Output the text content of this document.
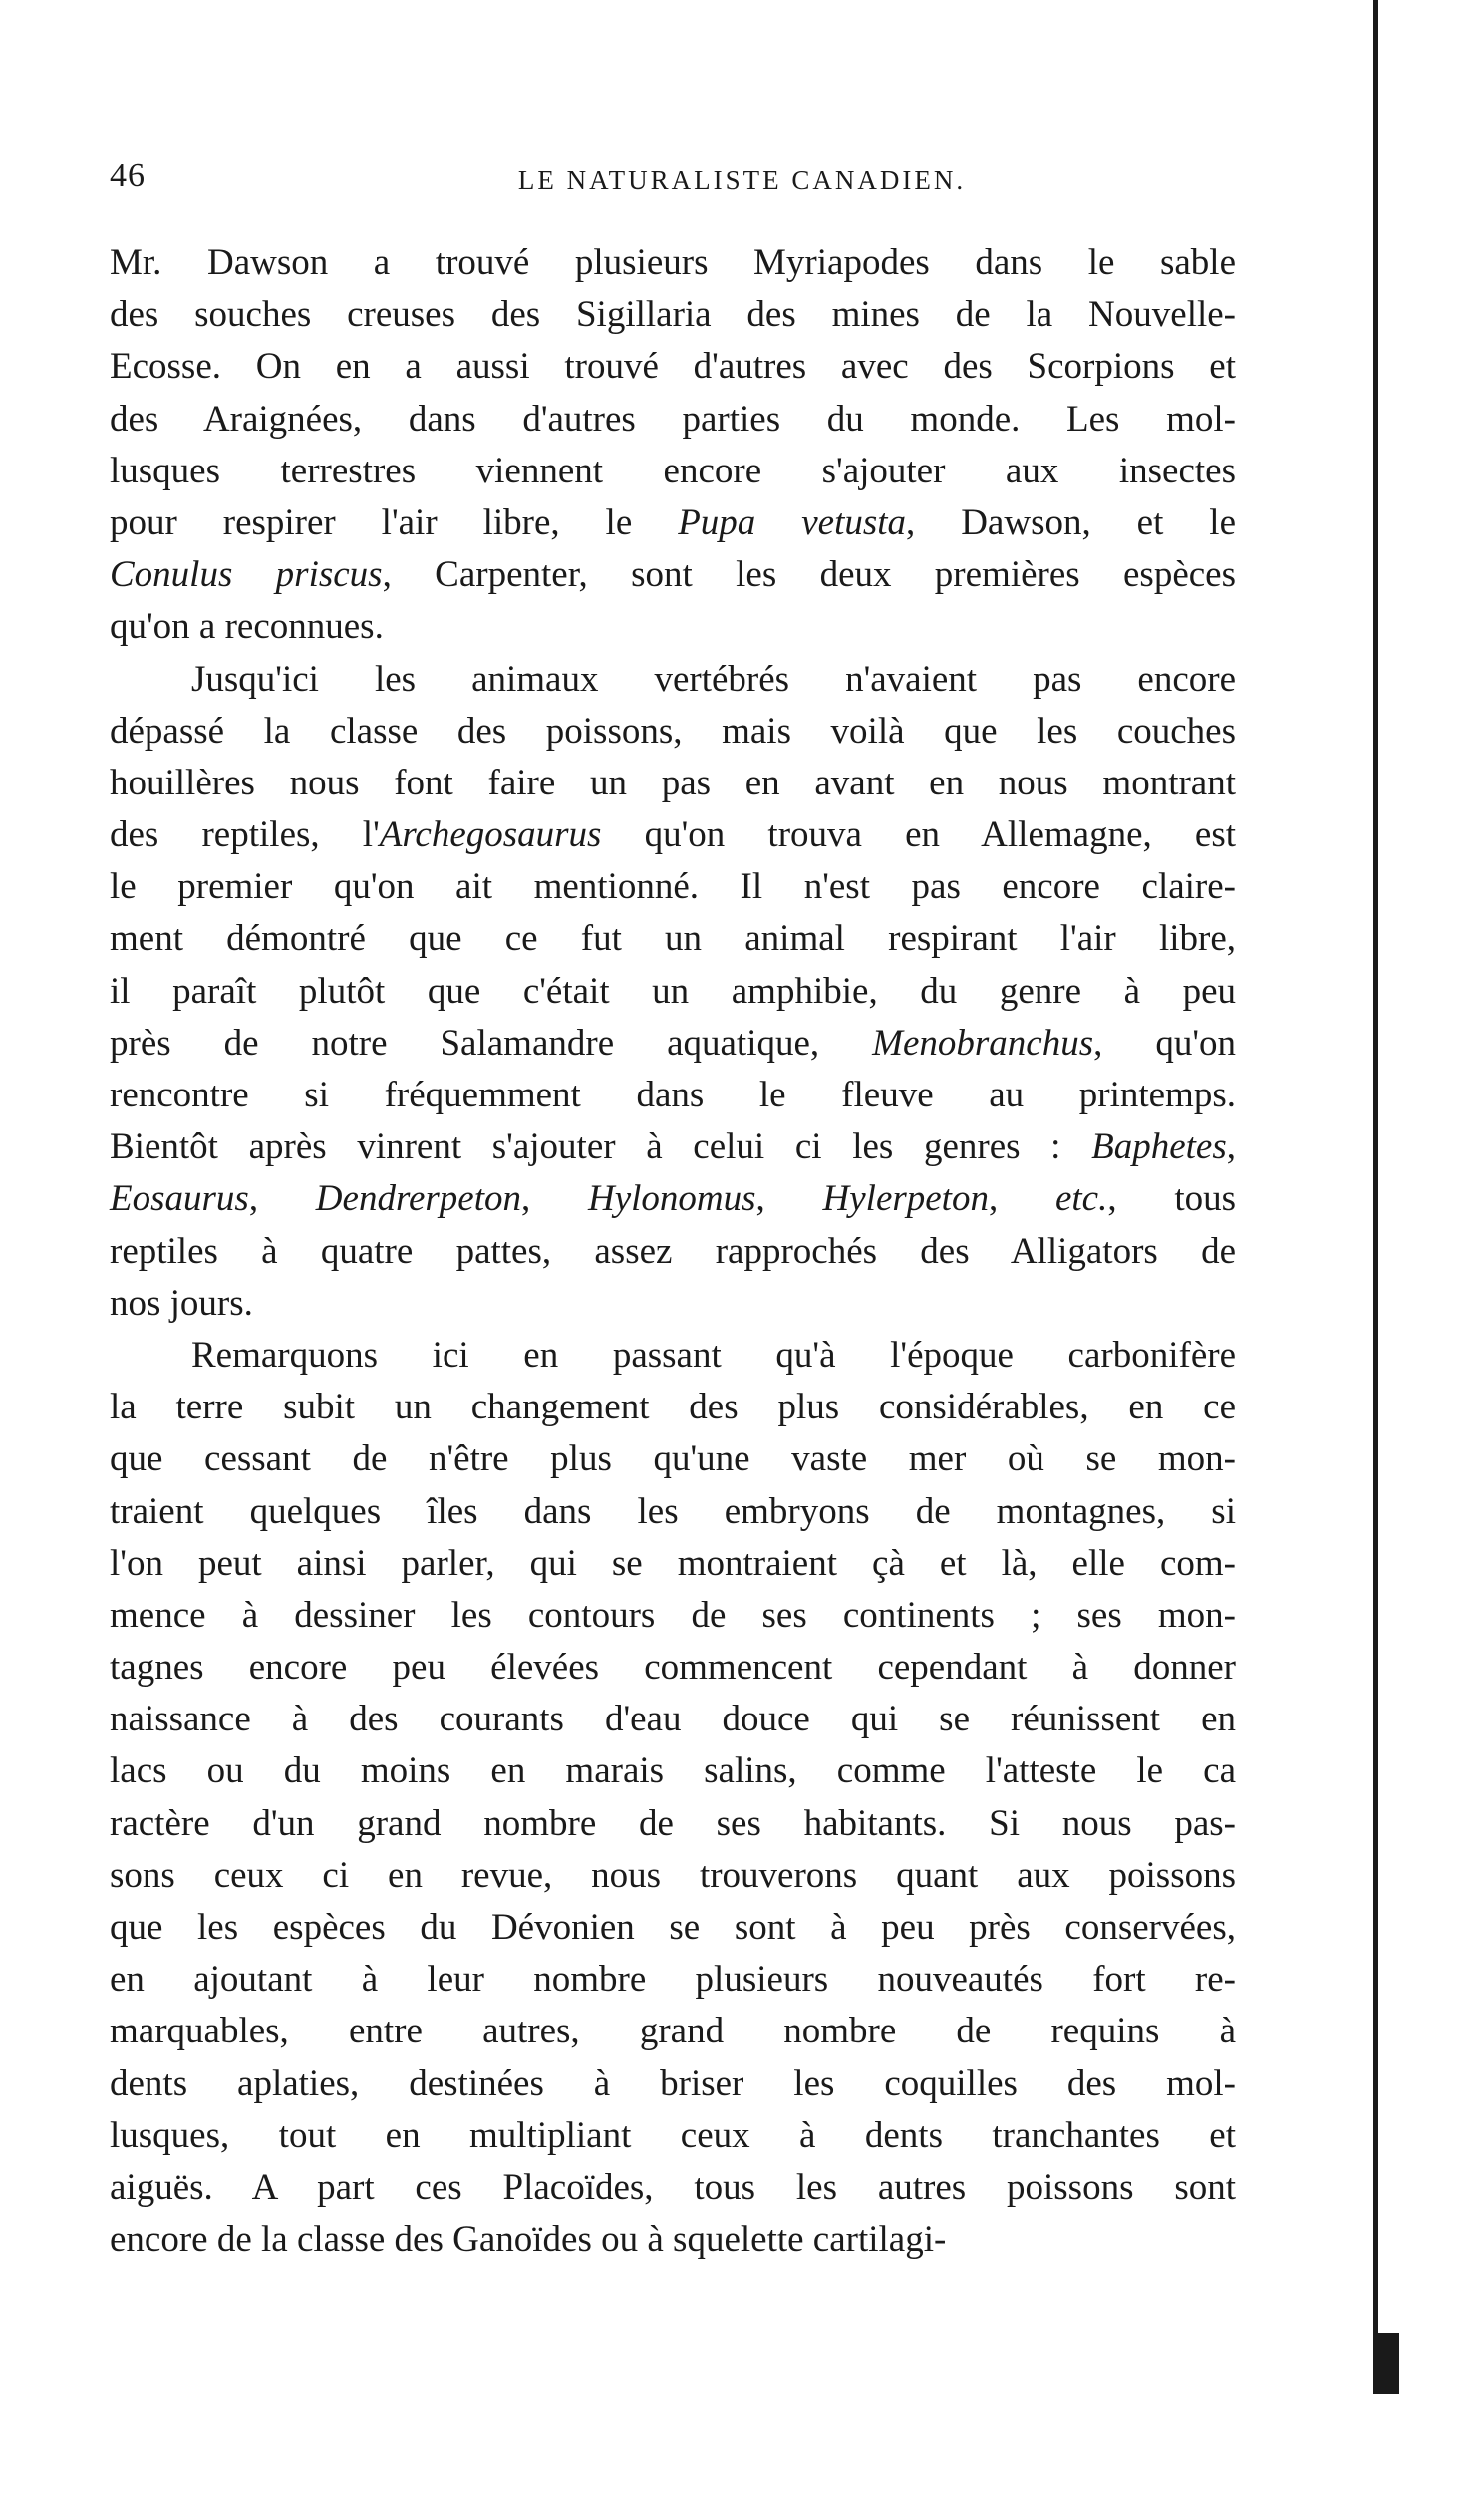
46	LE NATURALISTE CANADIEN.
Mr. Dawson a trouvé plusieurs Myriapodes dans le sable
des souches creuses des Sigillaria des mines de la Nouvelle-
Ecosse. On en a aussi trouvé d'autres avec des Scorpions et
des Araignées, dans d'autres parties du monde. Les mol-
lusques terrestres viennent encore s'ajouter aux insectes
pour respirer l'air libre, le Pupa vetusta, Dawson, et le
Conulus priscus, Carpenter, sont les deux premières espèces
qu'on a reconnues.
Jusqu'ici les animaux vertébrés n'avaient pas encore
dépassé la classe des poissons, mais voilà que les couches
houillères nous font faire un pas en avant en nous montrant
des reptiles, l'Archegosaurus qu'on trouva en Allemagne, est
le premier qu'on ait mentionné. Il n'est pas encore claire-
ment démontré que ce fut un animal respirant l'air libre,
il paraît plutôt que c'était un amphibie, du genre à peu
près de notre Salamandre aquatique, Menobranchus, qu'on
rencontre si fréquemment dans le fleuve au printemps.
Bientôt après vinrent s'ajouter à celui ci les genres : Baphetes,
Eosaurus, Dendrerpeton, Hylonomus, Hylerpeton, etc., tous
reptiles à quatre pattes, assez rapprochés des Alligators de
nos jours.
Remarquons ici en passant qu'à l'époque carbonifère
la terre subit un changement des plus considérables, en ce
que cessant de n'être plus qu'une vaste mer où se mon-
traient quelques îles dans les embryons de montagnes, si
l'on peut ainsi parler, qui se montraient çà et là, elle com-
mence à dessiner les contours de ses continents ; ses mon-
tagnes encore peu élevées commencent cependant à donner
naissance à des courants d'eau douce qui se réunissent en
lacs ou du moins en marais salins, comme l'atteste le ca
ractère d'un grand nombre de ses habitants. Si nous pas-
sons ceux ci en revue, nous trouverons quant aux poissons
que les espèces du Dévonien se sont à peu près conservées,
en ajoutant à leur nombre plusieurs nouveautés fort re-
marquables, entre autres, grand nombre de requins à
dents aplaties, destinées à briser les coquilles des mol-
lusques, tout en multipliant ceux à dents tranchantes et
aiguës. A part ces Placoïdes, tous les autres poissons sont
encore de la classe des Ganoïdes ou à squelette cartilagi-
